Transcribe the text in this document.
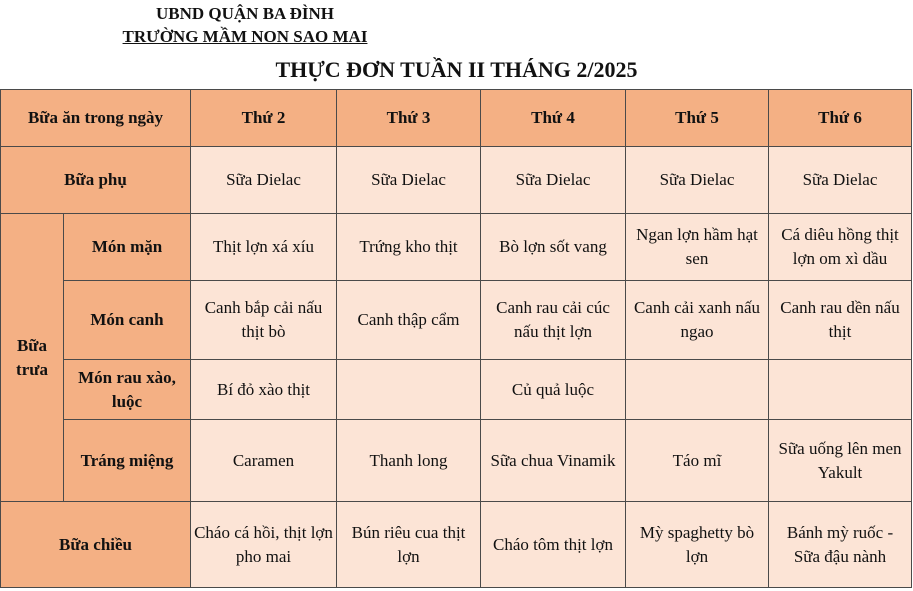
UBND QUẬN BA ĐÌNH
TRƯỜNG MẦM NON SAO MAI
THỰC ĐƠN TUẦN II THÁNG 2/2025
Bữa ăn trong ngày		Thứ 2	Thứ 3	Thứ 4	Thứ 5	Thứ 6
Bữa phụ		Sữa Dielac	Sữa Dielac	Sữa Dielac	Sữa Dielac	Sữa Dielac
Bữa trưa	Món mặn	Thịt lợn xá xíu	Trứng kho thịt	Bò lợn sốt vang	Ngan lợn hầm hạt sen	Cá diêu hồng thịt lợn om xì dầu
	Món canh	Canh bắp cải nấu thịt bò	Canh thập cẩm	Canh rau cải cúc nấu thịt lợn	Canh cải xanh nấu ngao	Canh rau dền nấu thịt
	Món rau xào, luộc	Bí đỏ xào thịt		Củ quả luộc		
	Tráng miệng	Caramen	Thanh long	Sữa chua Vinamik	Táo mĩ	Sữa uống lên men Yakult
Bữa chiều		Cháo cá hồi, thịt lợn pho mai	Bún riêu cua thịt lợn	Cháo tôm thịt lợn	Mỳ spaghetty bò lợn	Bánh mỳ ruốc - Sữa đậu nành
